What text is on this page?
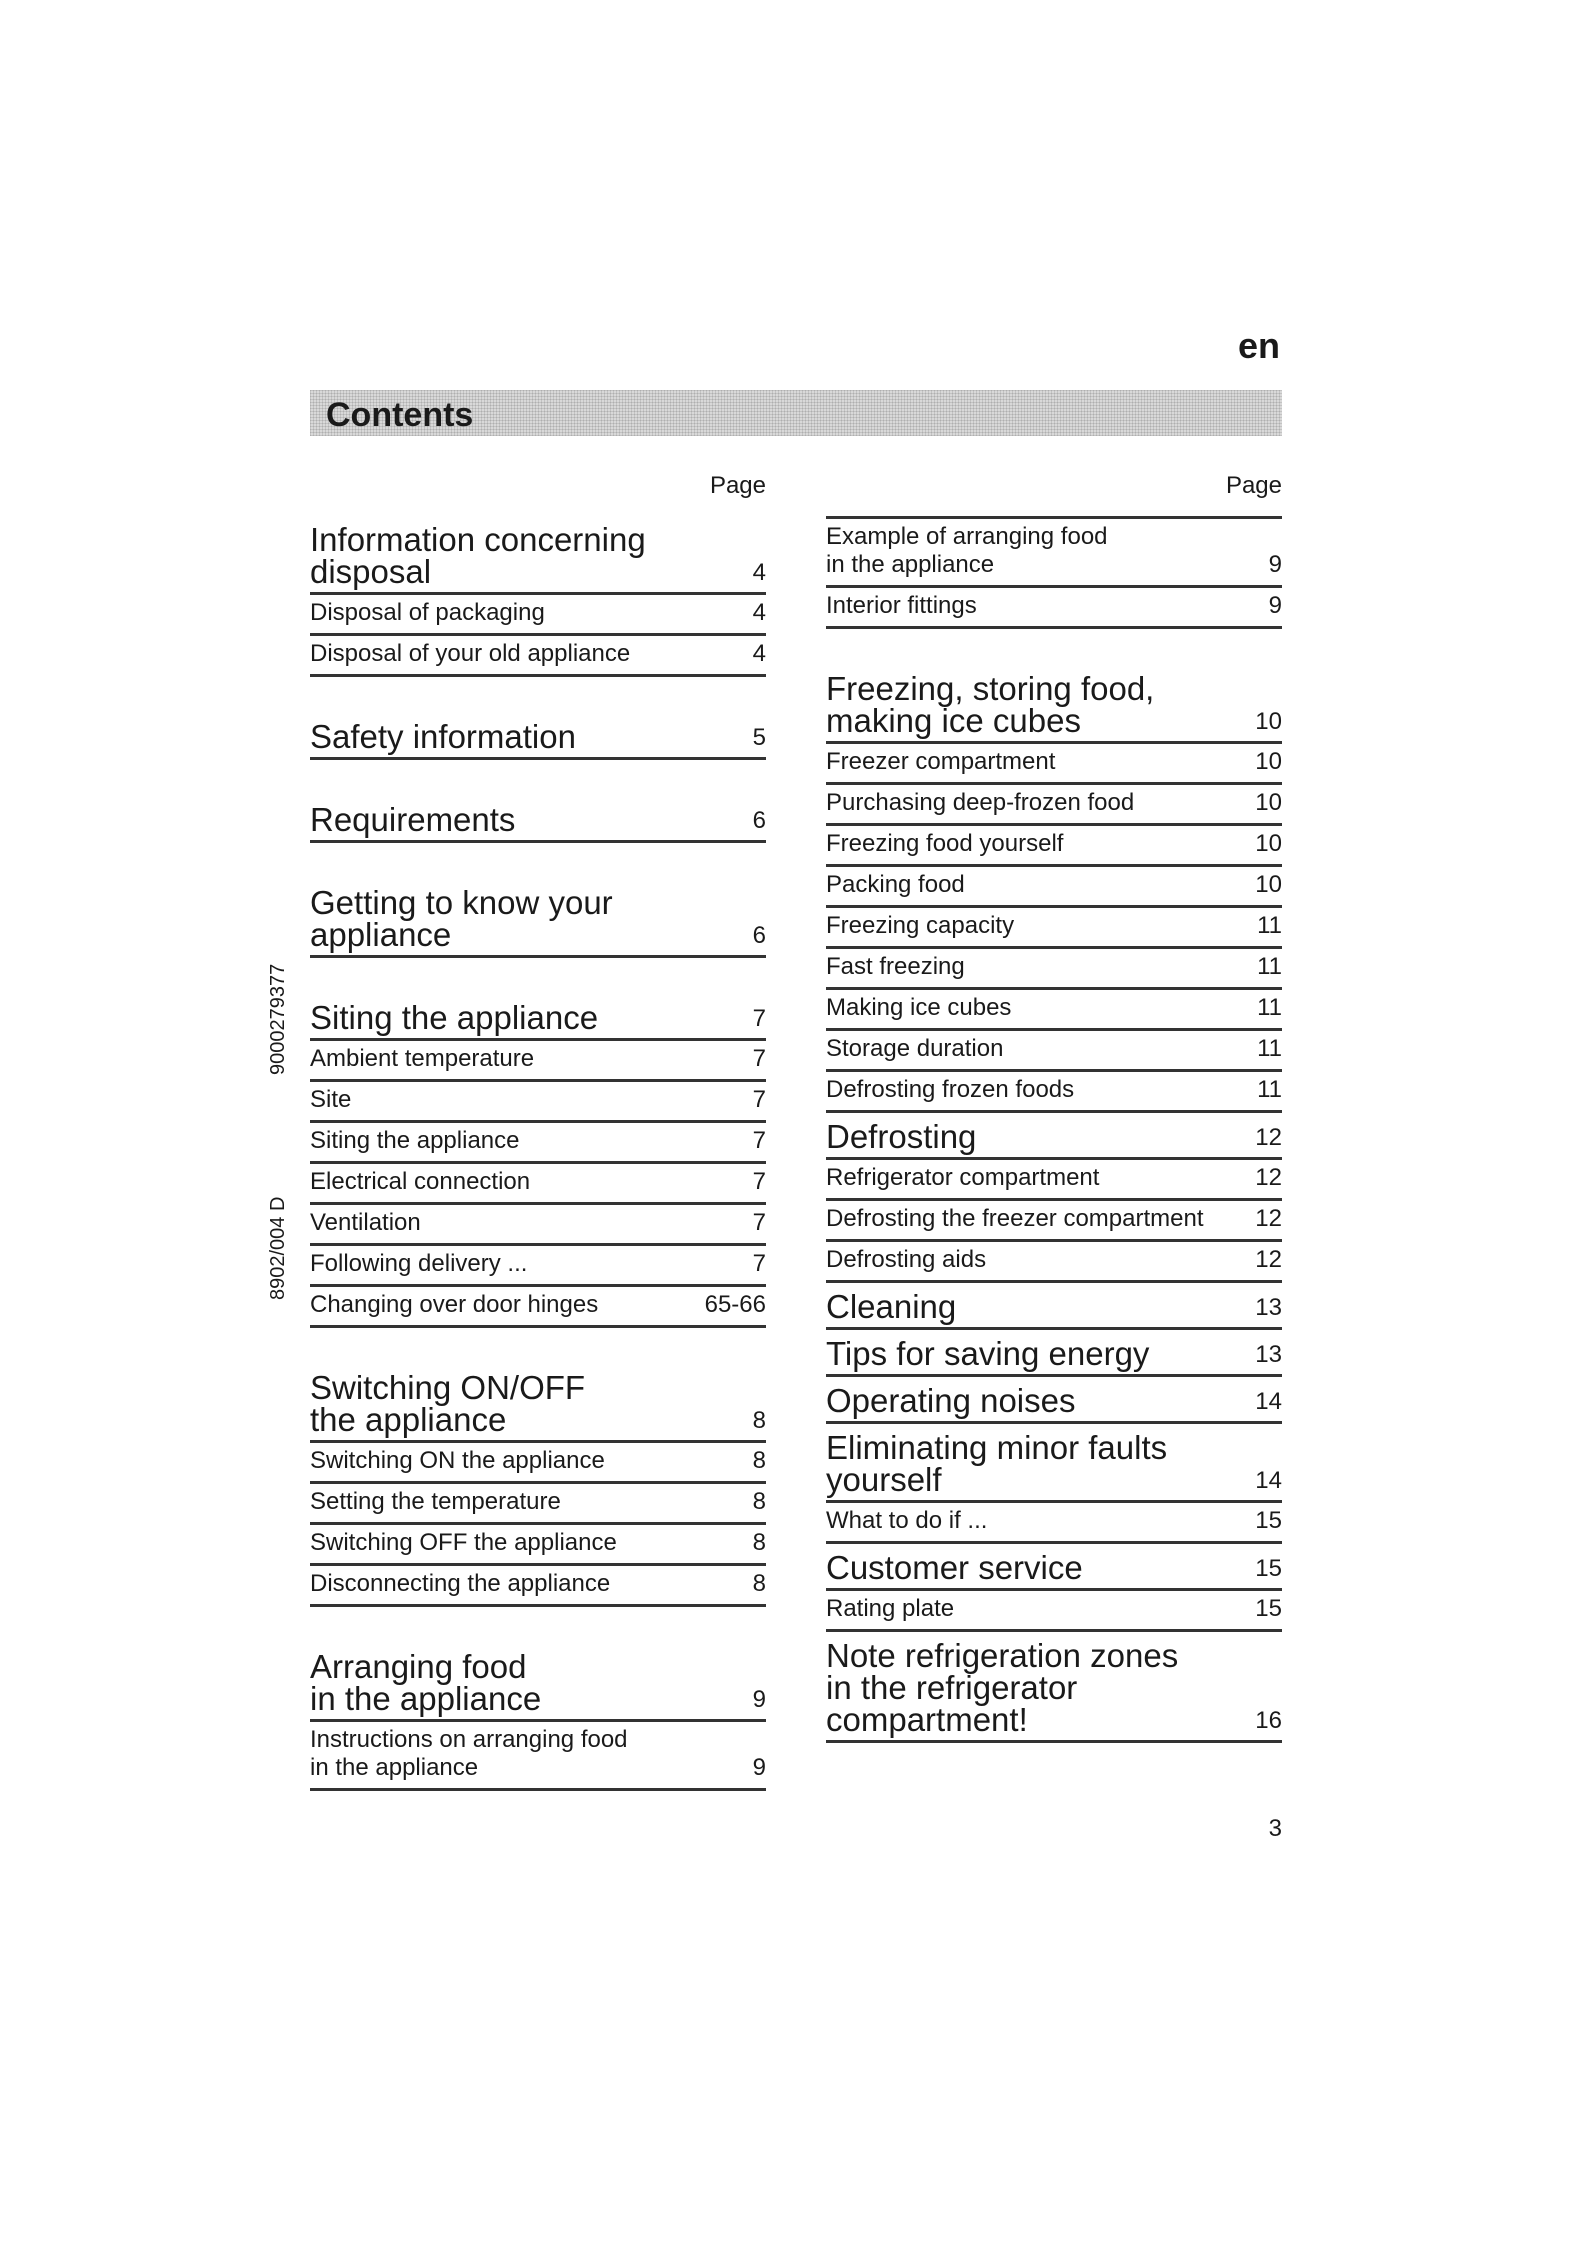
en
Contents
9000279377
8902/004 D
Page
Information concerning
disposal	4
Disposal of packaging	4
Disposal of your old appliance	4
Safety information	5
Requirements	6
Getting to know your
appliance	6
Siting the appliance	7
Ambient temperature	7
Site	7
Siting the appliance	7
Electrical connection	7
Ventilation	7
Following delivery ...	7
Changing over door hinges	65-66
Switching ON/OFF
the appliance	8
Switching ON the appliance	8
Setting the temperature	8
Switching OFF the appliance	8
Disconnecting the appliance	8
Arranging food
in the appliance	9
Instructions on arranging food
in the appliance	9
Page
Example of arranging food
in the appliance	9
Interior fittings	9
Freezing, storing food,
making ice cubes	10
Freezer compartment	10
Purchasing deep-frozen food	10
Freezing food yourself	10
Packing food	10
Freezing capacity	11
Fast freezing	11
Making ice cubes	11
Storage duration	11
Defrosting frozen foods	11
Defrosting	12
Refrigerator compartment	12
Defrosting the freezer compartment	12
Defrosting aids	12
Cleaning	13
Tips for saving energy	13
Operating noises	14
Eliminating minor faults
yourself	14
What to do if ...	15
Customer service	15
Rating plate	15
Note refrigeration zones
in the refrigerator
compartment!	16
3
